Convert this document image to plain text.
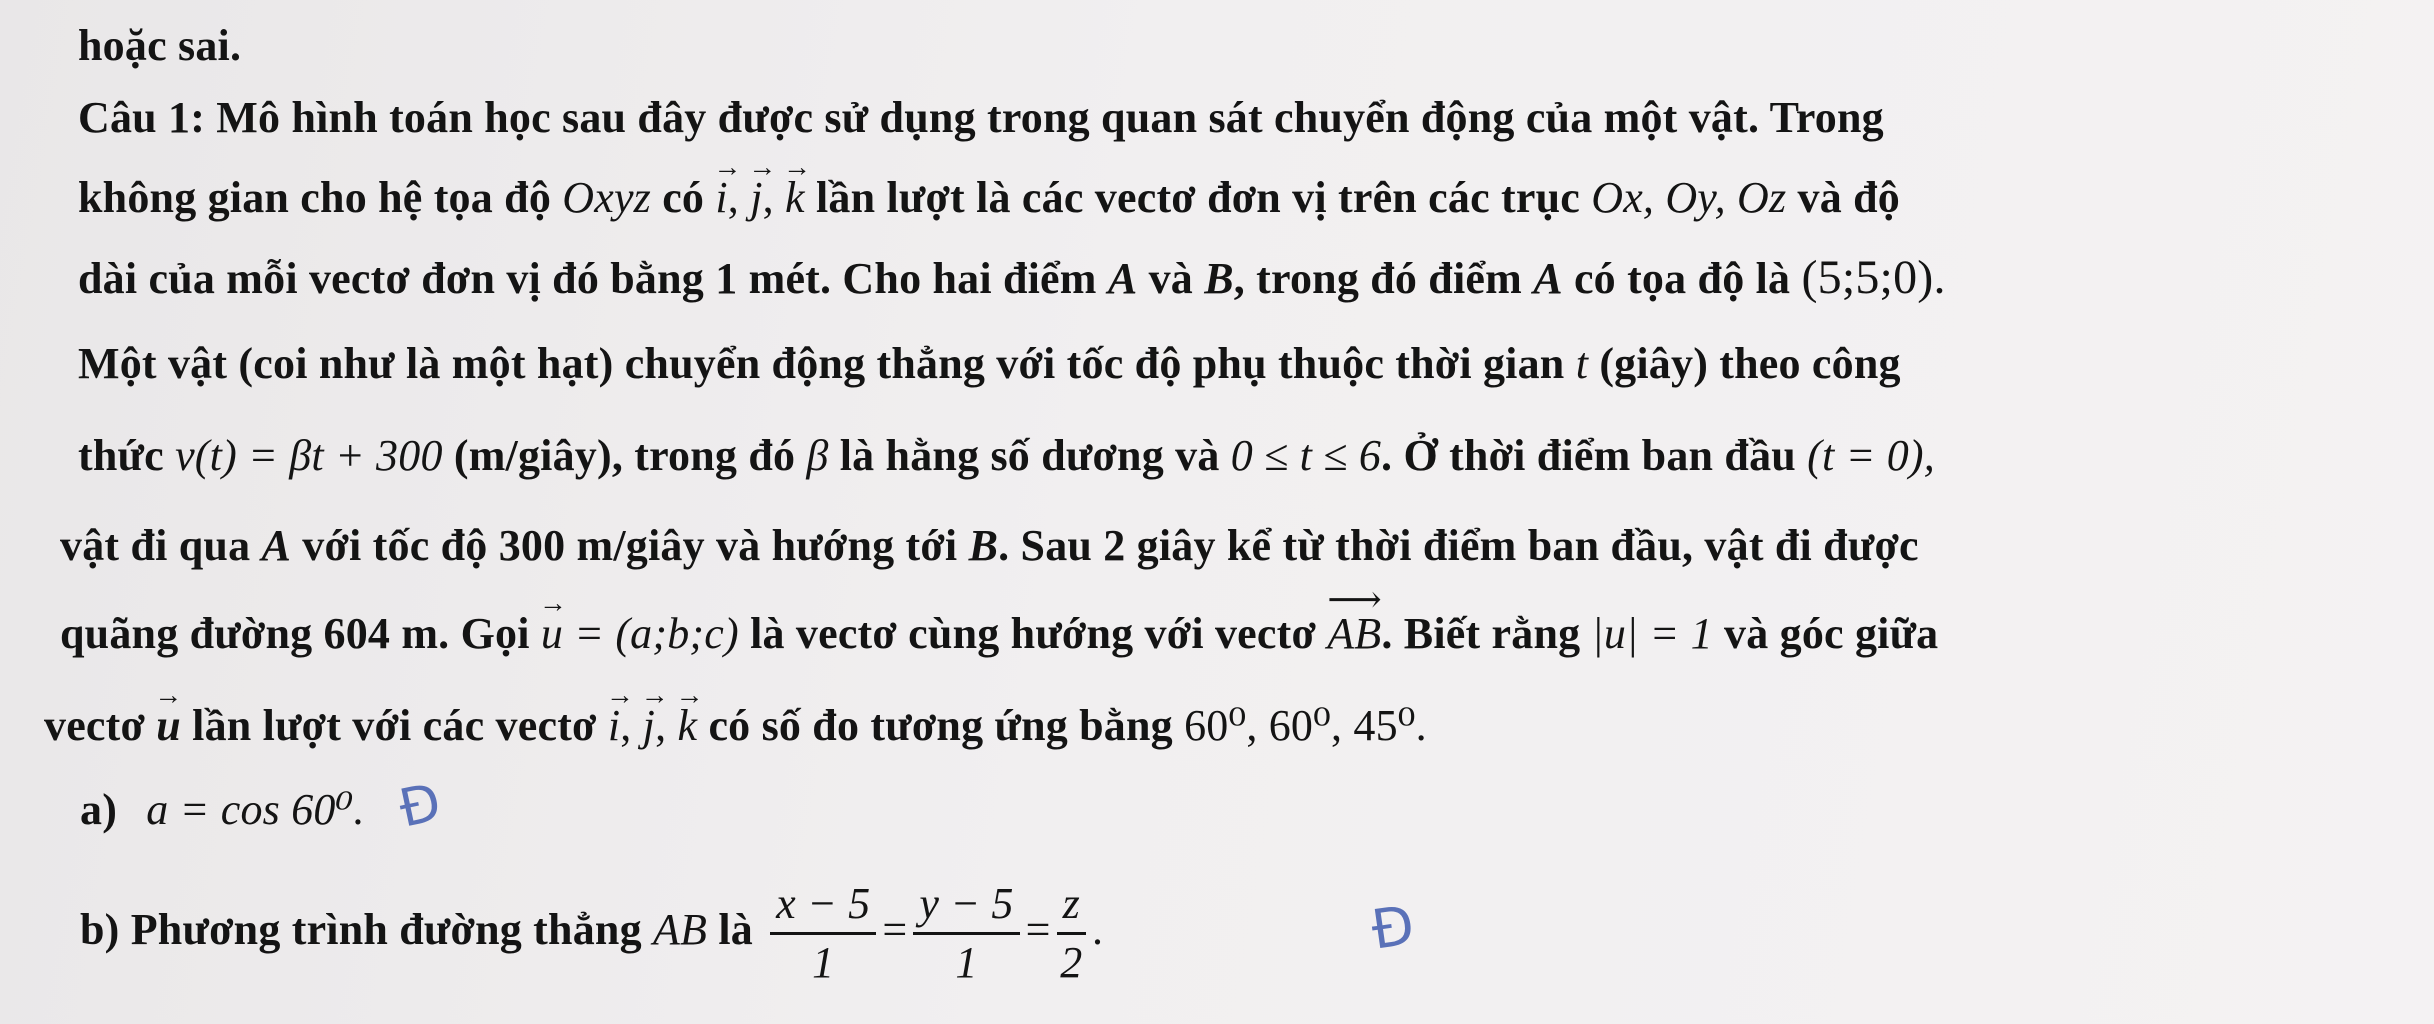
hoặc sai.
Câu 1: Mô hình toán học sau đây được sử dụng trong quan sát chuyển động của một vật. Trong
không gian cho hệ tọa độ Oxyz có → i, → j, → k lần lượt là các vectơ đơn vị trên các trục Ox, Oy, Oz và độ
dài của mỗi vectơ đơn vị đó bằng 1 mét. Cho hai điểm A và B, trong đó điểm A có tọa độ là (5;5;0).
Một vật (coi như là một hạt) chuyển động thẳng với tốc độ phụ thuộc thời gian t (giây) theo công
thức v(t) = βt + 300 (m/giây), trong đó β là hằng số dương và 0 ≤ t ≤ 6. Ở thời điểm ban đầu (t = 0),
vật đi qua A với tốc độ 300 m/giây và hướng tới B. Sau 2 giây kể từ thời điểm ban đầu, vật đi được
quãng đường 604 m. Gọi → u = (a;b;c) là vectơ cùng hướng với vectơ ⟶ AB. Biết rằng |u| = 1 và góc giữa
vectơ → u lần lượt với các vectơ → i, → j, → k có số đo tương ứng bằng 60⁰, 60⁰, 45⁰.
a) a = cos 60⁰. Đ
b) Phương trình đường thẳng AB là $\frac{x - 5}{1} = \frac{y - 5}{1} = \frac{z}{2}$ .	Đ
